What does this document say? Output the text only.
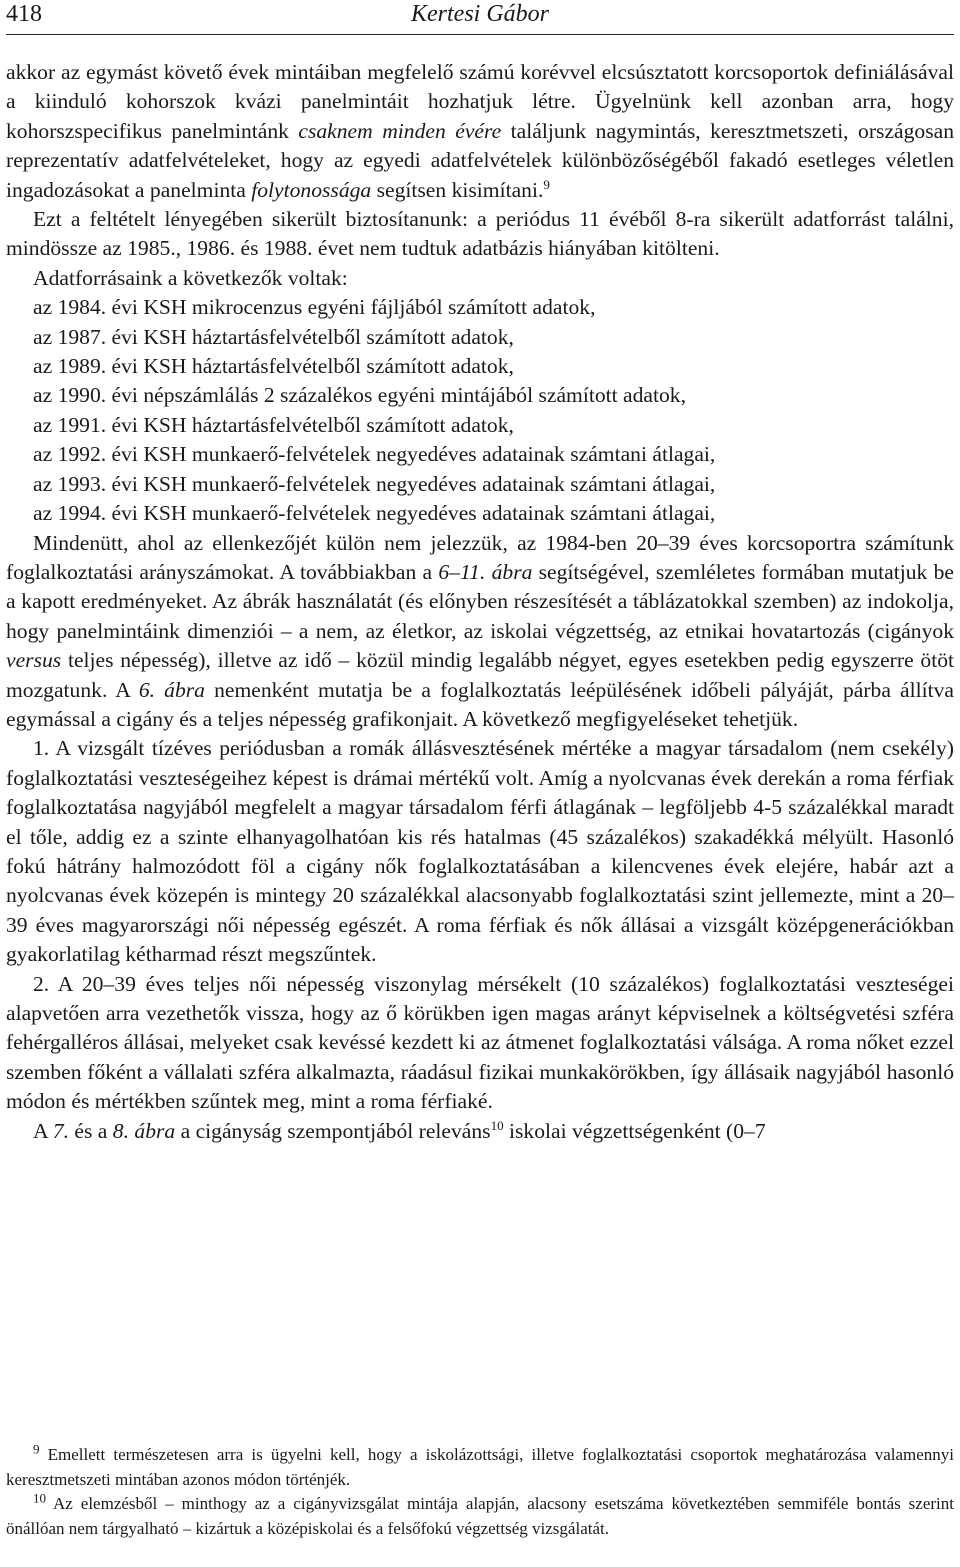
418	Kertesi Gábor

akkor az egymást követő évek mintáiban megfelelő számú korévvel elcsúsztatott korcsoportok definiálásával a kiinduló kohorszok kvázi panelmintáit hozhatjuk létre. Ügyelnünk kell azonban arra, hogy kohorszspecifikus panelmintánk csaknem minden évére találjunk nagymintás, keresztmetszeti, országosan reprezentatív adatfelvételeket, hogy az egyedi adatfelvételek különbözőségéből fakadó esetleges véletlen ingadozásokat a panelminta folytonossága segítsen kisimítani.$^9$

Ezt a feltételt lényegében sikerült biztosítanunk: a periódus 11 évéből 8-ra sikerült adatforrást találni, mindössze az 1985., 1986. és 1988. évet nem tudtuk adatbázis hiányában kitölteni.

Adatforrásaink a következők voltak:

az 1984. évi KSH mikrocenzus egyéni fájljából számított adatok,
az 1987. évi KSH háztartásfelvételből számított adatok,
az 1989. évi KSH háztartásfelvételből számított adatok,
az 1990. évi népszámlálás 2 százalékos egyéni mintájából számított adatok,
az 1991. évi KSH háztartásfelvételből számított adatok,
az 1992. évi KSH munkaerő-felvételek negyedéves adatainak számtani átlagai,
az 1993. évi KSH munkaerő-felvételek negyedéves adatainak számtani átlagai,
az 1994. évi KSH munkaerő-felvételek negyedéves adatainak számtani átlagai,

Mindenütt, ahol az ellenkezőjét külön nem jelezzük, az 1984-ben 20–39 éves korcsoportra számítunk foglalkoztatási arányszámokat. A továbbiakban a 6–11. ábra segítségével, szemléletes formában mutatjuk be a kapott eredményeket. Az ábrák használatát (és előnyben részesítését a táblázatokkal szemben) az indokolja, hogy panelmintáink dimenziói – a nem, az életkor, az iskolai végzettség, az etnikai hovatartozás (cigányok versus teljes népesség), illetve az idő – közül mindig legalább négyet, egyes esetekben pedig egyszerre ötöt mozgatunk. A 6. ábra nemenként mutatja be a foglalkoztatás leépülésének időbeli pályáját, párba állítva egymással a cigány és a teljes népesség grafikonjait. A következő megfigyeléseket tehetjük.

1. A vizsgált tízéves periódusban a romák állásvesztésének mértéke a magyar társadalom (nem csekély) foglalkoztatási veszteségeihez képest is drámai mértékű volt. Amíg a nyolcvanas évek derekán a roma férfiak foglalkoztatása nagyjából megfelelt a magyar társadalom férfi átlagának – legföljebb 4-5 százalékkal maradt el tőle, addig ez a szinte elhanyagolhatóan kis rés hatalmas (45 százalékos) szakadékká mélyült. Hasonló fokú hátrány halmozódott föl a cigány nők foglalkoztatásában a kilencvenes évek elejére, habár azt a nyolcvanas évek közepén is mintegy 20 százalékkal alacsonyabb foglalkoztatási szint jellemezte, mint a 20–39 éves magyarországi női népesség egészét. A roma férfiak és nők állásai a vizsgált középgenerációkban gyakorlatilag kétharmad részt megszűntek.

2. A 20–39 éves teljes női népesség viszonylag mérsékelt (10 százalékos) foglalkoztatási veszteségei alapvetően arra vezethetők vissza, hogy az ő körükben igen magas arányt képviselnek a költségvetési szféra fehérgalléros állásai, melyeket csak kevéssé kezdett ki az átmenet foglalkoztatási válsága. A roma nőket ezzel szemben főként a vállalati szféra alkalmazta, ráadásul fizikai munkakörökben, így állásaik nagyjából hasonló módon és mértékben szűntek meg, mint a roma férfiaké.

A 7. és a 8. ábra a cigányság szempontjából releváns$^{10}$ iskolai végzettségenként (0–7

$^9$ Emellett természetesen arra is ügyelni kell, hogy a iskolázottsági, illetve foglalkoztatási csoportok meghatározása valamennyi keresztmetszeti mintában azonos módon történjék.

$^{10}$ Az elemzésből – minthogy az a cigányvizsgálat mintája alapján, alacsony esetszáma következtében semmiféle bontás szerint önállóan nem tárgyalható – kizártuk a középiskolai és a felsőfokú végzettség vizsgálatát.
